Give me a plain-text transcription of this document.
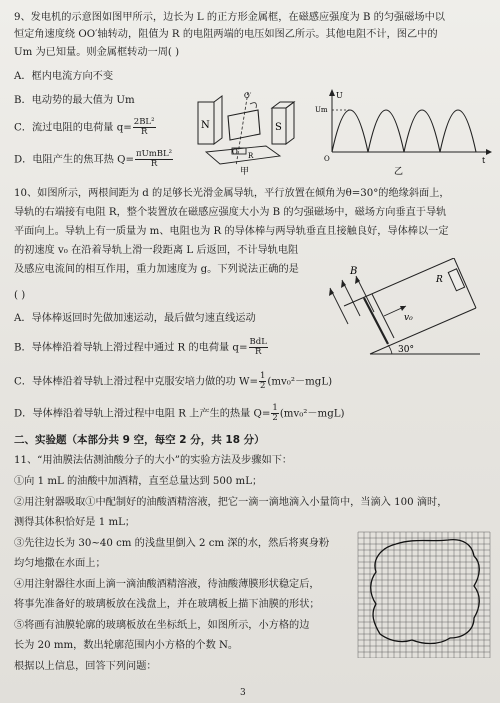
9、发电机的示意图如图甲所示，边长为 L 的正方形金属框，在磁感应强度为 B 的匀强磁场中以
恒定角速度绕 OO′轴转动，阻值为 R 的电阻两端的电压如图乙所示。其他电阻不计，图乙中的
Um 为已知量。则金属框转动一周( )
A．框内电流方向不变
B．电动势的最大值为 Um
C．流过电阻的电荷量 $q= \frac{\text{2BL²}}{R}$
D．电阻产生的焦耳热 $Q= \frac{\text{πUmBL²}}{R}$
N	S
O′
O R
甲
U
Um
O	t
乙
10、如图所示，两根间距为 d 的足够长光滑金属导轨，平行放置在倾角为θ=30°的绝缘斜面上，
导轨的右端接有电阻 R，整个装置放在磁感应强度大小为 B 的匀强磁场中，磁场方向垂直于导轨
平面向上。导轨上有一质量为 m、电阻也为 R 的导体棒与两导轨垂直且接触良好，导体棒以一定
的初速度 v₀ 在沿着导轨上滑一段距离 L 后返回，不计导轨电阻
及感应电流间的相互作用，重力加速度为 g。下列说法正确的是
( )
A．导体棒返回时先做加速运动，最后做匀速直线运动
B．导体棒沿着导轨上滑过程中通过 R 的电荷量 $q= \frac{\text{BdL}}{R}$
C．导体棒沿着导轨上滑过程中克服安培力做的功 $W= \frac{1}{2} (mv_0^2-mgL)$
D．导体棒沿着导轨上滑过程中电阻 R 上产生的热量 $Q= \frac{1}{2} (mv_0^2-mgL)$
R
B
v₀
30°
二、实验题（本部分共 9 空，每空 2 分，共 18 分）
11、“用油膜法估测油酸分子的大小”的实验方法及步骤如下：
①向 1 mL 的油酸中加酒精，直至总量达到 500 mL；
②用注射器吸取①中配制好的油酸酒精溶液，把它一滴一滴地滴入小量筒中，当滴入 100 滴时，
测得其体积恰好是 1 mL；
③先往边长为 30~40 cm 的浅盘里倒入 2 cm 深的水，然后将爽身粉
均匀地撒在水面上；
④用注射器往水面上滴一滴油酸酒精溶液，待油酸薄膜形状稳定后，
将事先准备好的玻璃板放在浅盘上，并在玻璃板上描下油膜的形状；
⑤将画有油膜轮廓的玻璃板放在坐标纸上，如图所示，小方格的边
长为 20 mm，数出轮廓范围内小方格的个数 N。
根据以上信息，回答下列问题：
3
